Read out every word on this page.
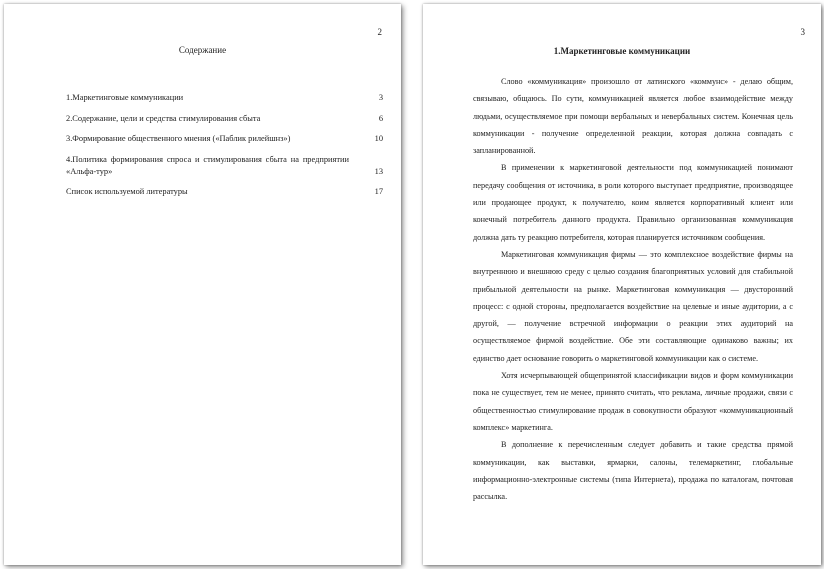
2
Содержание
1.Маркетинговые коммуникации	3
2.Содержание, цели и средства стимулирования сбыта	6
3.Формирование общественного мнения («Паблик рилейшнз»)	10
4.Политика формирования спроса и стимулирования сбыта на предприятии «Альфа-тур»	13
Список используемой литературы	17
3
1.Маркетинговые коммуникации

Слово «коммуникация» произошло от латинского «коммунс» - делаю общим, связываю, общаюсь. По сути, коммуникацией является любое взаимодействие между людьми, осуществляемое при помощи вербальных и невербальных систем. Конечная цель коммуникации - получение определенной реакции, которая должна совпадать с запланированной.

В применении к маркетинговой деятельности под коммуникацией понимают передачу сообщения от источника, в роли которого выступает предприятие, производящее или продающее продукт, к получателю, коим является корпоративный клиент или конечный потребитель данного продукта. Правильно организованная коммуникация должна дать ту реакцию потребителя, которая планируется источником сообщения.

Маркетинговая коммуникация фирмы — это комплексное воздействие фирмы на внутреннюю и внешнюю среду с целью создания благоприятных условий для стабильной прибыльной деятельности на рынке. Маркетинговая коммуникация — двусторонний процесс: с одной стороны, предполагается воздействие на целевые и иные аудитории, а с другой, — получение встречной информации о реакции этих аудиторий на осуществляемое фирмой воздействие. Обе эти составляющие одинаково важны; их единство дает основание говорить о маркетинговой коммуникации как о системе.

Хотя исчерпывающей общепринятой классификации видов и форм коммуникации пока не существует, тем не менее, принято считать, что реклама, личные продажи, связи с общественностью стимулирование продаж в совокупности образуют «коммуникационный комплекс» маркетинга.

В дополнение к перечисленным следует добавить и такие средства прямой коммуникации, как выставки, ярмарки, салоны, телемаркетинг, глобальные информационно-электронные системы (типа Интернета), продажа по каталогам, почтовая рассылка.
